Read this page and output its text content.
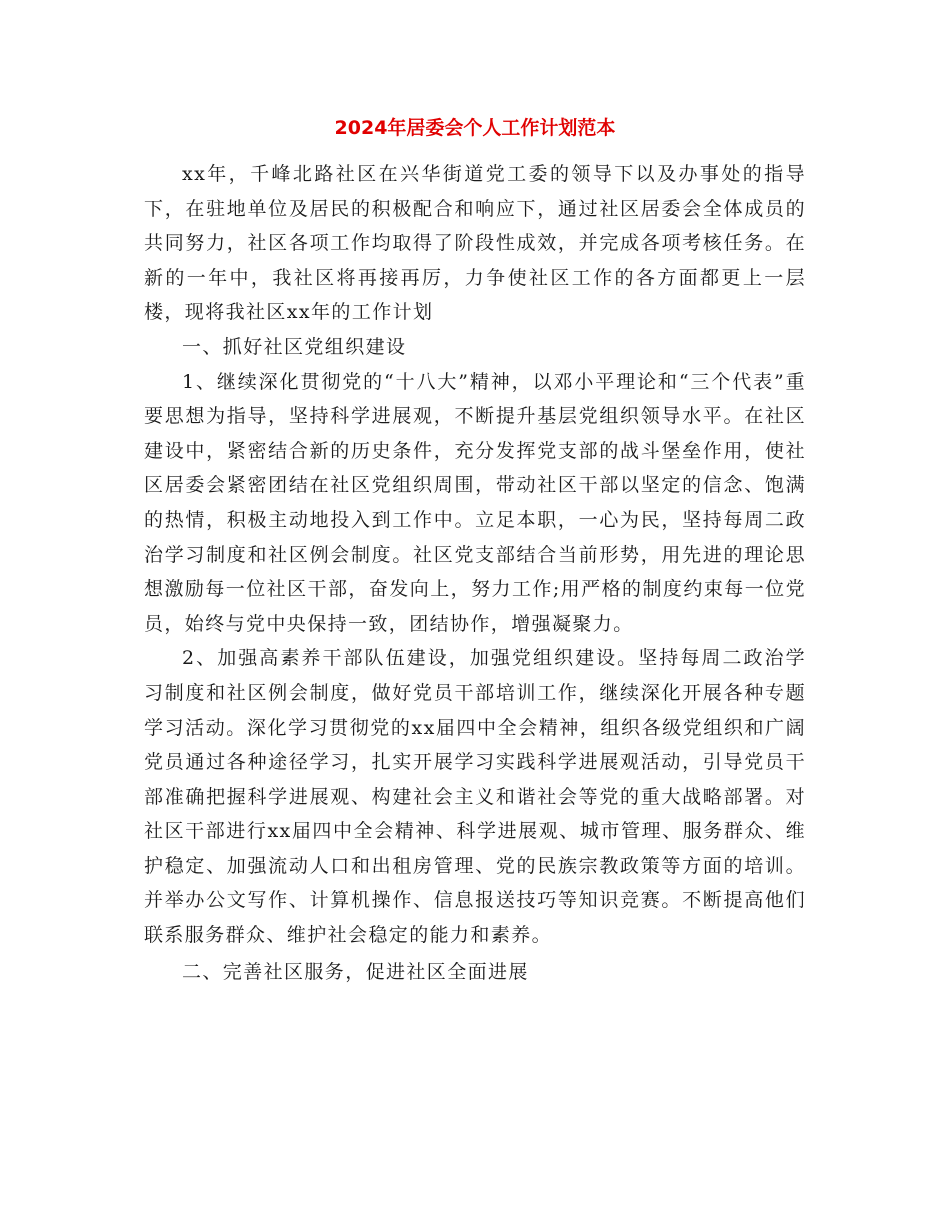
2024年居委会个人工作计划范本

xx年，千峰北路社区在兴华街道党工委的领导下以及办事处的指导下，在驻地单位及居民的积极配合和响应下，通过社区居委会全体成员的共同努力，社区各项工作均取得了阶段性成效，并完成各项考核任务。在新的一年中，我社区将再接再厉，力争使社区工作的各方面都更上一层楼，现将我社区xx年的工作计划

一、抓好社区党组织建设

1、继续深化贯彻党的“十八大”精神，以邓小平理论和“三个代表”重要思想为指导，坚持科学进展观，不断提升基层党组织领导水平。在社区建设中，紧密结合新的历史条件，充分发挥党支部的战斗堡垒作用，使社区居委会紧密团结在社区党组织周围，带动社区干部以坚定的信念、饱满的热情，积极主动地投入到工作中。立足本职，一心为民，坚持每周二政治学习制度和社区例会制度。社区党支部结合当前形势，用先进的理论思想激励每一位社区干部，奋发向上，努力工作;用严格的制度约束每一位党员，始终与党中央保持一致，团结协作，增强凝聚力。

2、加强高素养干部队伍建设，加强党组织建设。坚持每周二政治学习制度和社区例会制度，做好党员干部培训工作，继续深化开展各种专题学习活动。深化学习贯彻党的xx届四中全会精神，组织各级党组织和广阔党员通过各种途径学习，扎实开展学习实践科学进展观活动，引导党员干部准确把握科学进展观、构建社会主义和谐社会等党的重大战略部署。对社区干部进行xx届四中全会精神、科学进展观、城市管理、服务群众、维护稳定、加强流动人口和出租房管理、党的民族宗教政策等方面的培训。并举办公文写作、计算机操作、信息报送技巧等知识竞赛。不断提高他们联系服务群众、维护社会稳定的能力和素养。

二、完善社区服务，促进社区全面进展
